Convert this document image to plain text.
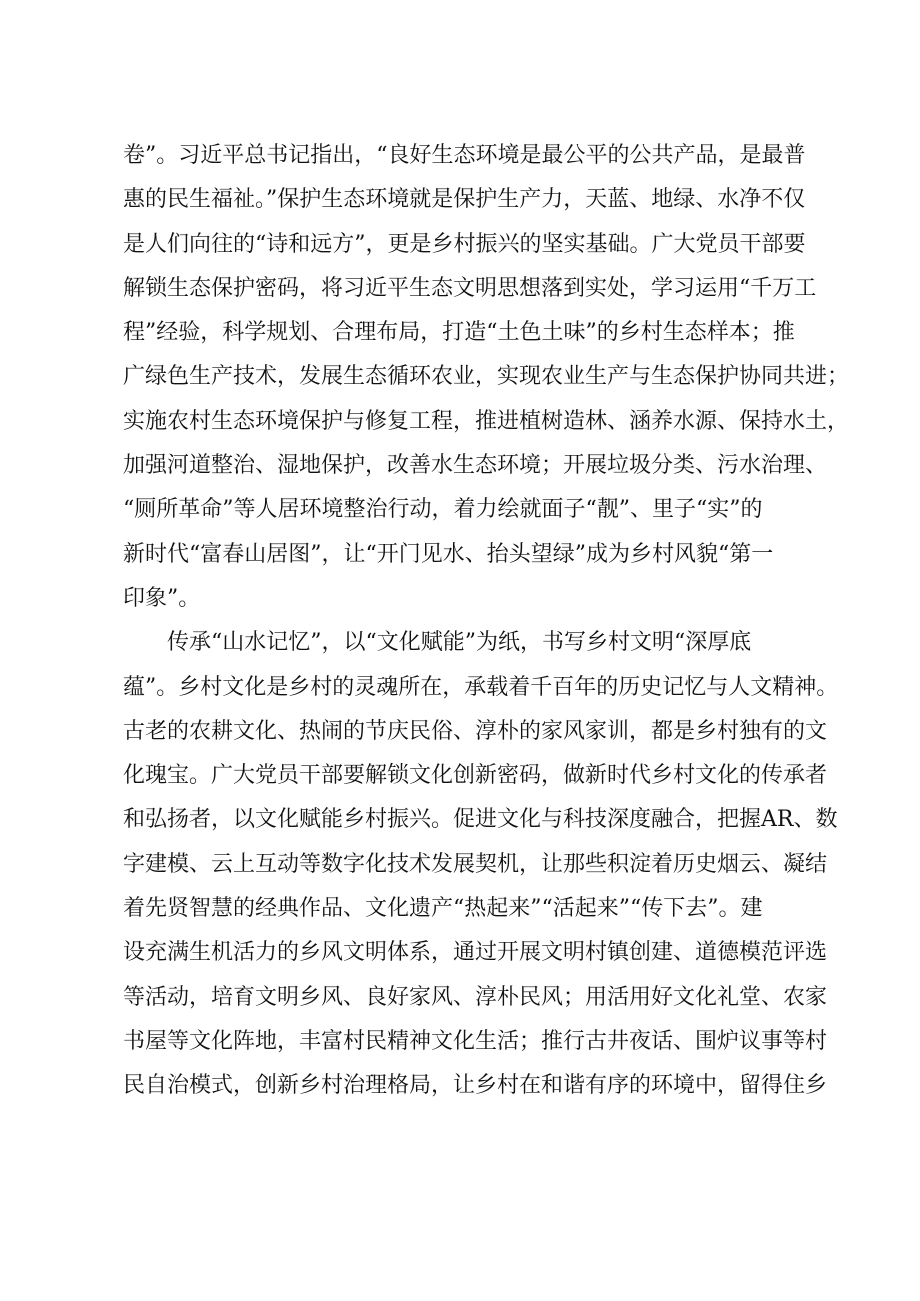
卷”。习近平总书记指出，“良好生态环境是最公平的公共产品，是最普
惠的民生福祉。”保护生态环境就是保护生产力，天蓝、地绿、水净不仅
是人们向往的“诗和远方”，更是乡村振兴的坚实基础。广大党员干部要
解锁生态保护密码，将习近平生态文明思想落到实处，学习运用“千万工
程”经验，科学规划、合理布局，打造“土色土味”的乡村生态样本；推
广绿色生产技术，发展生态循环农业，实现农业生产与生态保护协同共进；
实施农村生态环境保护与修复工程，推进植树造林、涵养水源、保持水土，
加强河道整治、湿地保护，改善水生态环境；开展垃圾分类、污水治理、
“厕所革命”等人居环境整治行动，着力绘就面子“靓”、里子“实”的
新时代“富春山居图”，让“开门见水、抬头望绿”成为乡村风貌“第一
印象”。
　　传承“山水记忆”，以“文化赋能”为纸，书写乡村文明“深厚底
蕴”。乡村文化是乡村的灵魂所在，承载着千百年的历史记忆与人文精神。
古老的农耕文化、热闹的节庆民俗、淳朴的家风家训，都是乡村独有的文
化瑰宝。广大党员干部要解锁文化创新密码，做新时代乡村文化的传承者
和弘扬者，以文化赋能乡村振兴。促进文化与科技深度融合，把握AR、数
字建模、云上互动等数字化技术发展契机，让那些积淀着历史烟云、凝结
着先贤智慧的经典作品、文化遗产“热起来”“活起来”“传下去”。建
设充满生机活力的乡风文明体系，通过开展文明村镇创建、道德模范评选
等活动，培育文明乡风、良好家风、淳朴民风；用活用好文化礼堂、农家
书屋等文化阵地，丰富村民精神文化生活；推行古井夜话、围炉议事等村
民自治模式，创新乡村治理格局，让乡村在和谐有序的环境中，留得住乡
